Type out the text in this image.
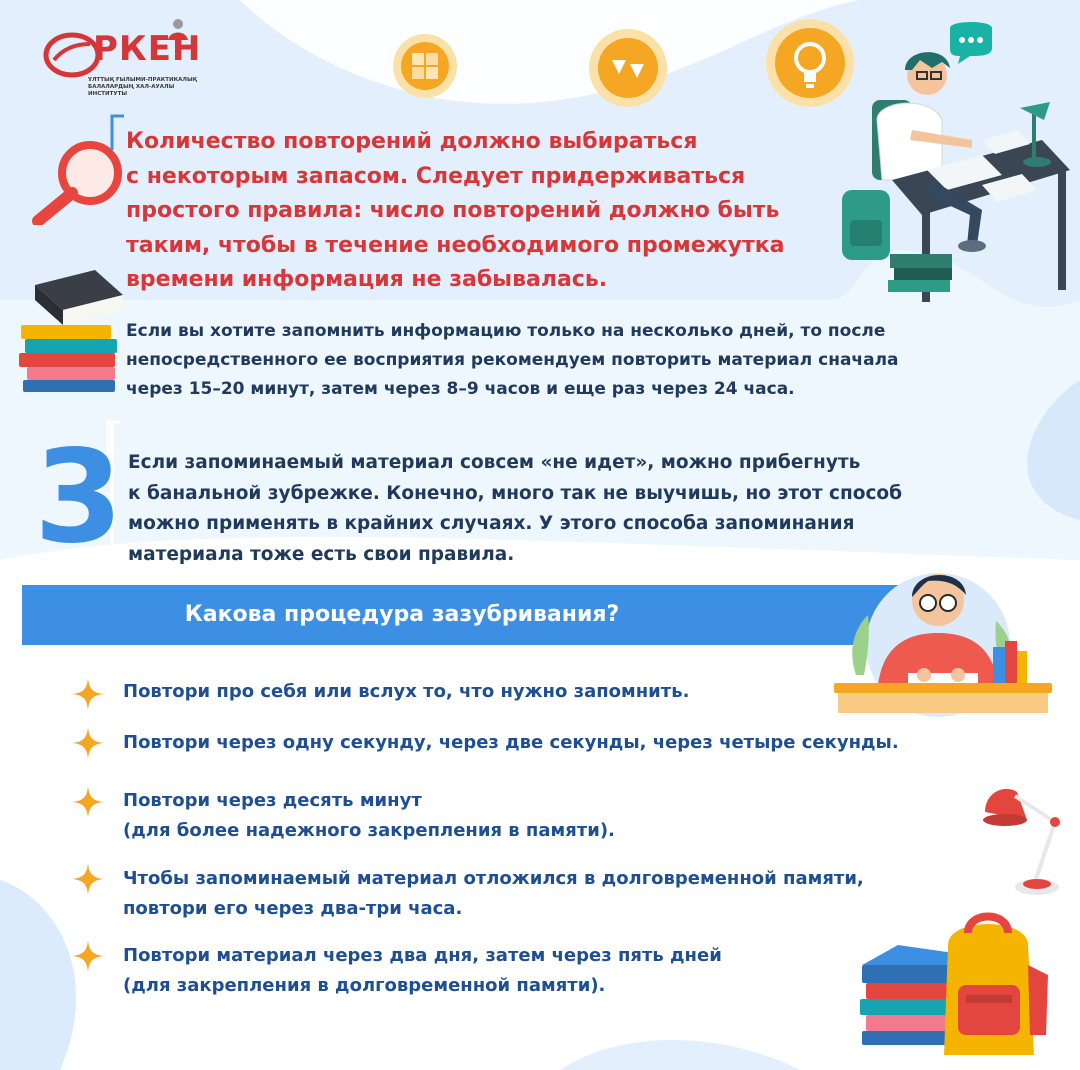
РКЕН
ҰЛТТЫҚ ҒЫЛЫМИ-ПРАКТИКАЛЫҚ
БАЛАЛАРДЫҢ ХАЛ-АУАЛЫ ИНСТИТУТЫ
Количество повторений должно выбираться
с некоторым запасом. Следует придерживаться
простого правила: число повторений должно быть
таким, чтобы в течение необходимого промежутка
времени информация не забывалась.
Если вы хотите запомнить информацию только на несколько дней, то после
непосредственного ее восприятия рекомендуем повторить материал сначала
через 15–20 минут, затем через 8–9 часов и еще раз через 24 часа.
3 Если запоминаемый материал совсем «не идет», можно прибегнуть
к банальной зубрежке. Конечно, много так не выучишь, но этот способ
можно применять в крайних случаях. У этого способа запоминания
материала тоже есть свои правила.
Какова процедура зазубривания?
Повтори про себя или вслух то, что нужно запомнить.
Повтори через одну секунду, через две секунды, через четыре секунды.
Повтори через десять минут
(для более надежного закрепления в памяти).
Чтобы запоминаемый материал отложился в долговременной памяти,
повтори его через два-три часа.
Повтори материал через два дня, затем через пять дней
(для закрепления в долговременной памяти).
